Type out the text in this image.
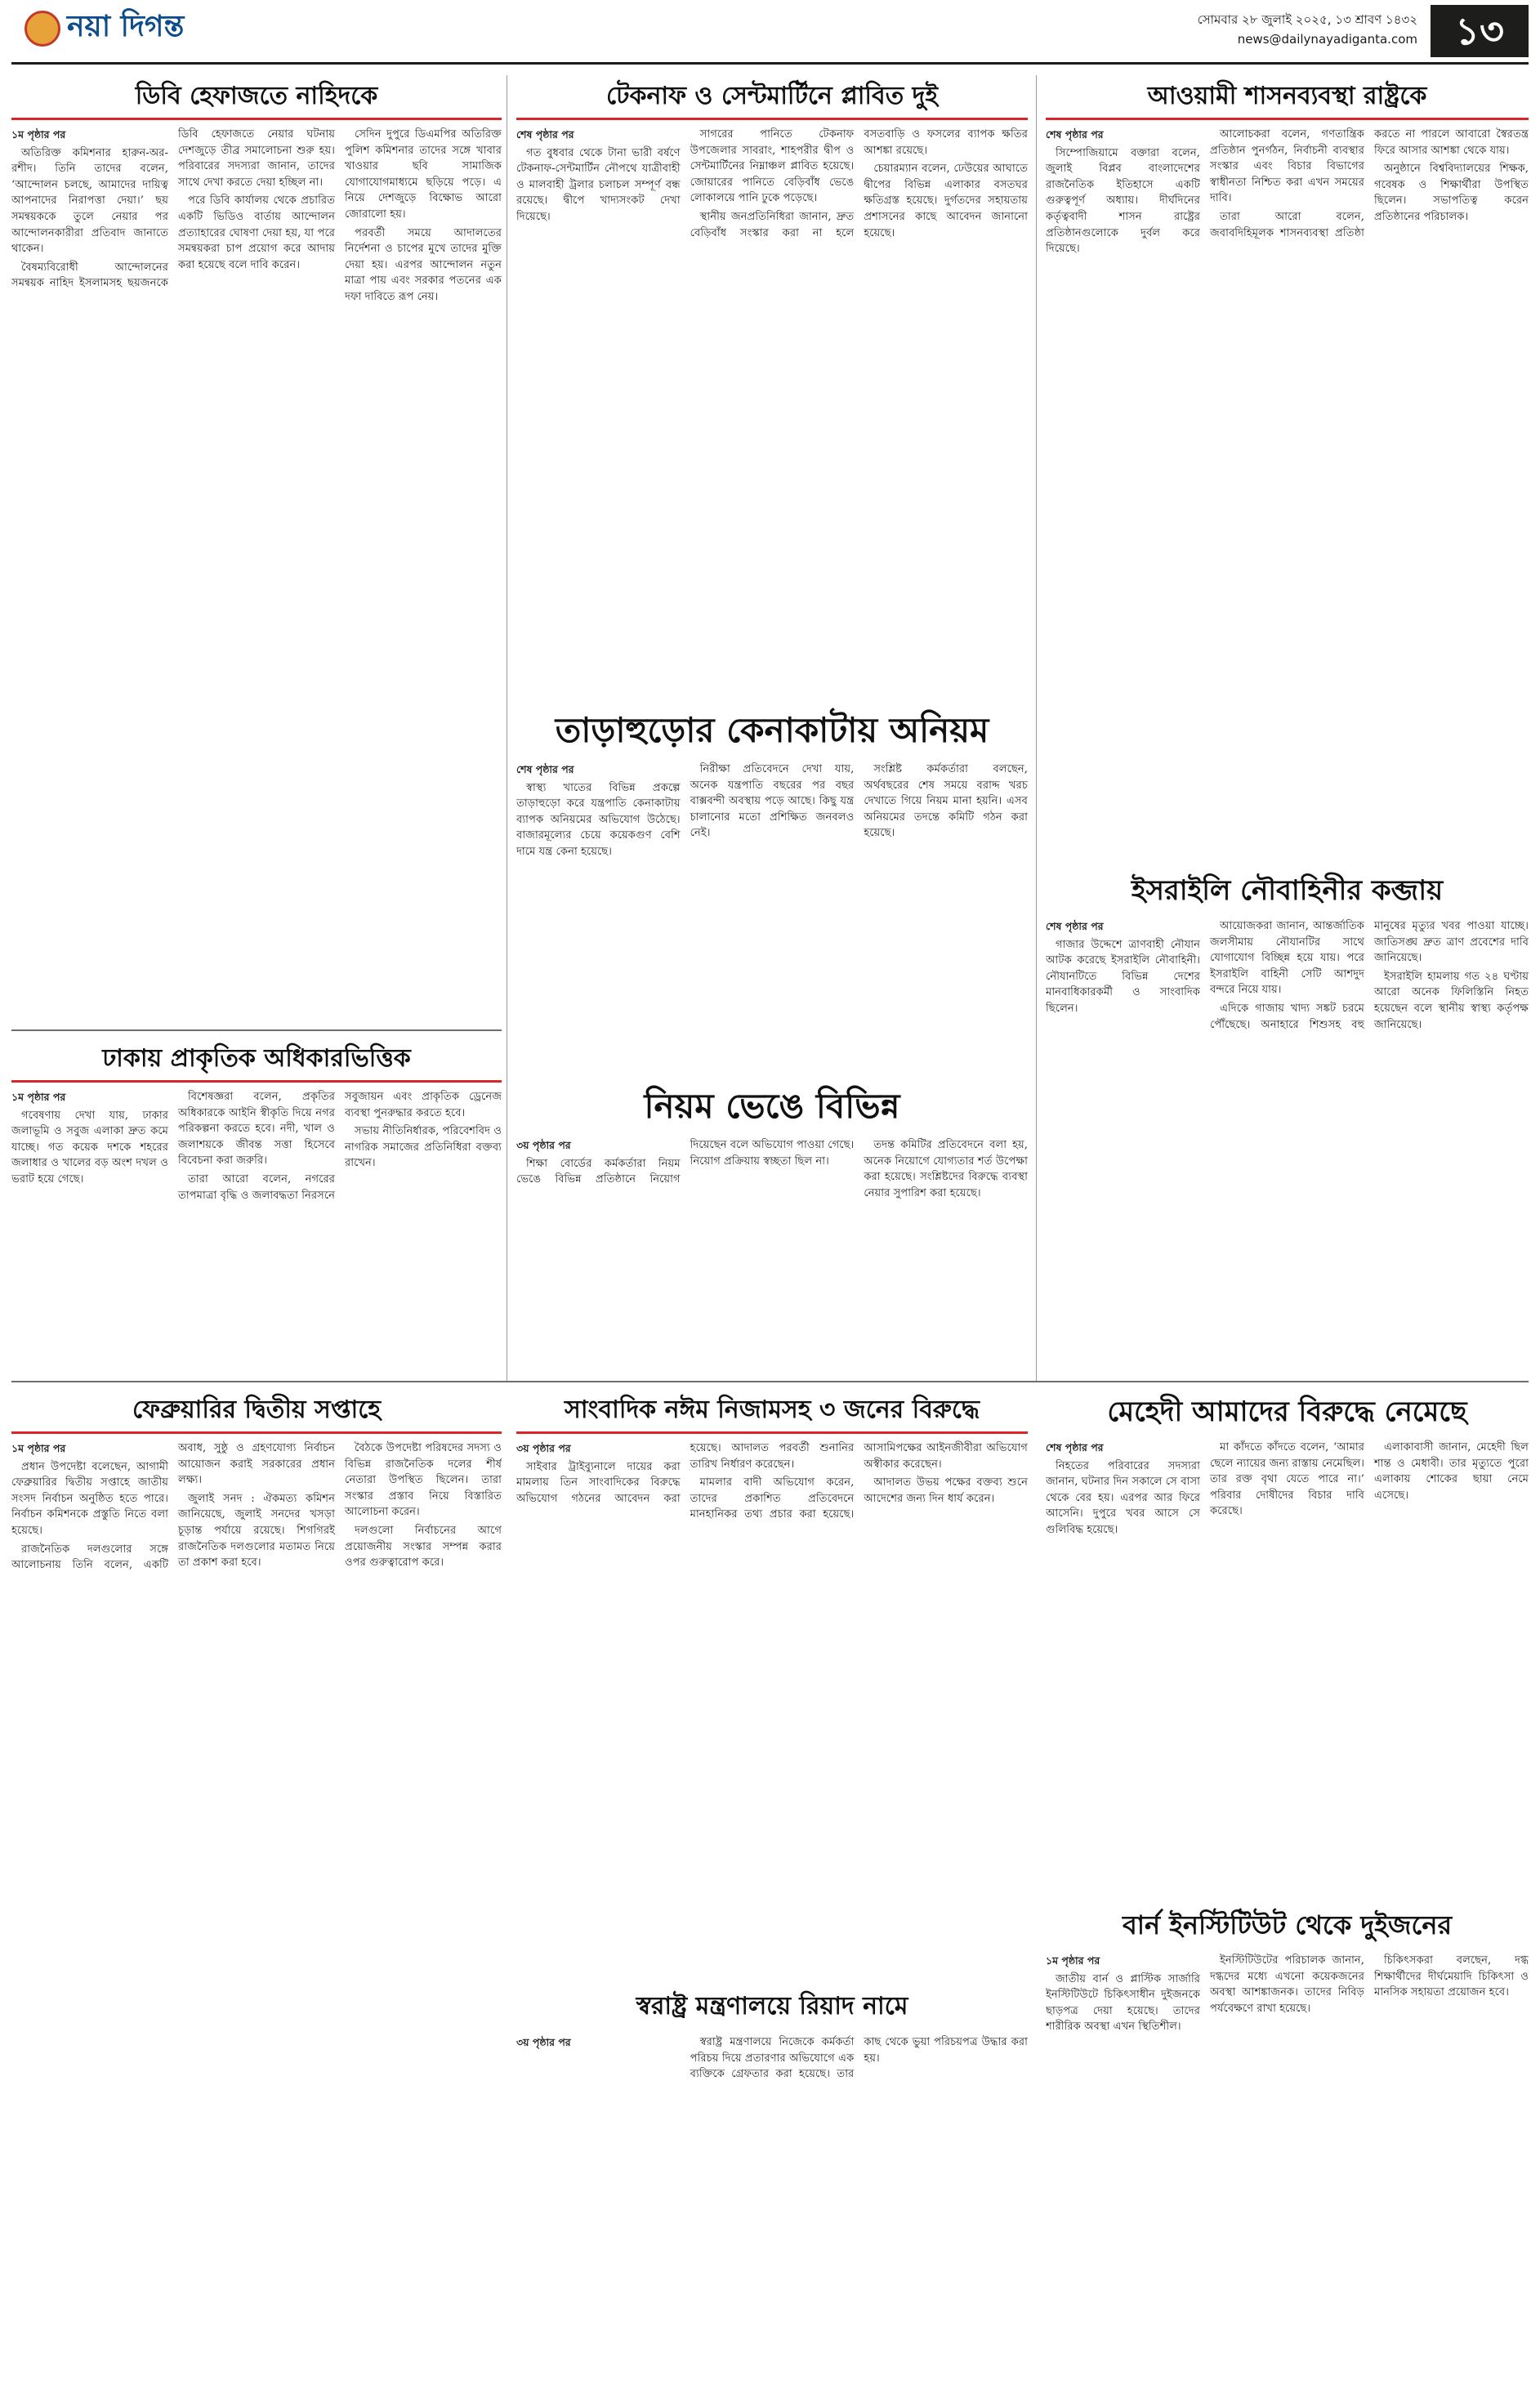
নয়া দিগন্ত	সোমবার ২৮ জুলাই ২০২৫, ১৩ শ্রাবণ ১৪৩২
news@dailynayadiganta.com	১৩
ডিবি হেফাজতে নাহিদকে

১ম পৃষ্ঠার পর

অতিরিক্ত কমিশনার হারুন-অর-রশীদ। তিনি তাদের বলেন, ‘আন্দোলন চলছে, আমাদের দায়িত্ব আপনাদের নিরাপত্তা দেয়া।’ ছয় সমন্বয়ককে তুলে নেয়ার পর আন্দোলনকারীরা প্রতিবাদ জানাতে থাকেন।

বৈষম্যবিরোধী আন্দোলনের সমন্বয়ক নাহিদ ইসলামসহ ছয়জনকে ডিবি হেফাজতে নেয়ার ঘটনায় দেশজুড়ে তীব্র সমালোচনা শুরু হয়। পরিবারের সদস্যরা জানান, তাদের সাথে দেখা করতে দেয়া হচ্ছিল না।

পরে ডিবি কার্যালয় থেকে প্রচারিত একটি ভিডিও বার্তায় আন্দোলন প্রত্যাহারের ঘোষণা দেয়া হয়, যা পরে সমন্বয়করা চাপ প্রয়োগ করে আদায় করা হয়েছে বলে দাবি করেন।

সেদিন দুপুরে ডিএমপির অতিরিক্ত পুলিশ কমিশনার তাদের সঙ্গে খাবার খাওয়ার ছবি সামাজিক যোগাযোগমাধ্যমে ছড়িয়ে পড়ে। এ নিয়ে দেশজুড়ে বিক্ষোভ আরো জোরালো হয়।

পরবর্তী সময়ে আদালতের নির্দেশনা ও চাপের মুখে তাদের মুক্তি দেয়া হয়। এরপর আন্দোলন নতুন মাত্রা পায় এবং সরকার পতনের এক দফা দাবিতে রূপ নেয়।

টেকনাফ ও সেন্টমার্টিনে প্লাবিত দুই

শেষ পৃষ্ঠার পর

গত বুধবার থেকে টানা ভারী বর্ষণে টেকনাফ-সেন্টমার্টিন নৌপথে যাত্রীবাহী ও মালবাহী ট্রলার চলাচল সম্পূর্ণ বন্ধ রয়েছে। দ্বীপে খাদ্যসংকট দেখা দিয়েছে।

সাগরের পানিতে টেকনাফ উপজেলার সাবরাং, শাহপরীর দ্বীপ ও সেন্টমার্টিনের নিম্নাঞ্চল প্লাবিত হয়েছে। জোয়ারের পানিতে বেড়িবাঁধ ভেঙে লোকালয়ে পানি ঢুকে পড়েছে।

স্থানীয় জনপ্রতিনিধিরা জানান, দ্রুত বেড়িবাঁধ সংস্কার করা না হলে বসতবাড়ি ও ফসলের ব্যাপক ক্ষতির আশঙ্কা রয়েছে।

চেয়ারম্যান বলেন, ঢেউয়ের আঘাতে দ্বীপের বিভিন্ন এলাকার বসতঘর ক্ষতিগ্রস্ত হয়েছে। দুর্গতদের সহায়তায় প্রশাসনের কাছে আবেদন জানানো হয়েছে।

আওয়ামী শাসনব্যবস্থা রাষ্ট্রকে

শেষ পৃষ্ঠার পর

সিম্পোজিয়ামে বক্তারা বলেন, জুলাই বিপ্লব বাংলাদেশের রাজনৈতিক ইতিহাসে একটি গুরুত্বপূর্ণ অধ্যায়। দীর্ঘদিনের কর্তৃত্ববাদী শাসন রাষ্ট্রের প্রতিষ্ঠানগুলোকে দুর্বল করে দিয়েছে।

আলোচকরা বলেন, গণতান্ত্রিক প্রতিষ্ঠান পুনর্গঠন, নির্বাচনী ব্যবস্থার সংস্কার এবং বিচার বিভাগের স্বাধীনতা নিশ্চিত করা এখন সময়ের দাবি।

তারা আরো বলেন, জবাবদিহিমূলক শাসনব্যবস্থা প্রতিষ্ঠা করতে না পারলে আবারো স্বৈরতন্ত্র ফিরে আসার আশঙ্কা থেকে যায়।

অনুষ্ঠানে বিশ্ববিদ্যালয়ের শিক্ষক, গবেষক ও শিক্ষার্থীরা উপস্থিত ছিলেন। সভাপতিত্ব করেন প্রতিষ্ঠানের পরিচালক।

ঢাকায় প্রাকৃতিক অধিকারভিত্তিক

১ম পৃষ্ঠার পর

গবেষণায় দেখা যায়, ঢাকার জলাভূমি ও সবুজ এলাকা দ্রুত কমে যাচ্ছে। গত কয়েক দশকে শহরের জলাধার ও খালের বড় অংশ দখল ও ভরাট হয়ে গেছে।

বিশেষজ্ঞরা বলেন, প্রকৃতির অধিকারকে আইনি স্বীকৃতি দিয়ে নগর পরিকল্পনা করতে হবে। নদী, খাল ও জলাশয়কে জীবন্ত সত্তা হিসেবে বিবেচনা করা জরুরি।

তারা আরো বলেন, নগরের তাপমাত্রা বৃদ্ধি ও জলাবদ্ধতা নিরসনে সবুজায়ন এবং প্রাকৃতিক ড্রেনেজ ব্যবস্থা পুনরুদ্ধার করতে হবে।

সভায় নীতিনির্ধারক, পরিবেশবিদ ও নাগরিক সমাজের প্রতিনিধিরা বক্তব্য রাখেন।

তাড়াহুড়োর কেনাকাটায় অনিয়ম

শেষ পৃষ্ঠার পর

স্বাস্থ্য খাতের বিভিন্ন প্রকল্পে তাড়াহুড়ো করে যন্ত্রপাতি কেনাকাটায় ব্যাপক অনিয়মের অভিযোগ উঠেছে। বাজারমূল্যের চেয়ে কয়েকগুণ বেশি দামে যন্ত্র কেনা হয়েছে।

নিরীক্ষা প্রতিবেদনে দেখা যায়, অনেক যন্ত্রপাতি বছরের পর বছর বাক্সবন্দী অবস্থায় পড়ে আছে। কিছু যন্ত্র চালানোর মতো প্রশিক্ষিত জনবলও নেই।

সংশ্লিষ্ট কর্মকর্তারা বলছেন, অর্থবছরের শেষ সময়ে বরাদ্দ খরচ দেখাতে গিয়ে নিয়ম মানা হয়নি। এসব অনিয়মের তদন্তে কমিটি গঠন করা হয়েছে।

ইসরাইলি নৌবাহিনীর কব্জায়

শেষ পৃষ্ঠার পর

গাজার উদ্দেশে ত্রাণবাহী নৌযান আটক করেছে ইসরাইলি নৌবাহিনী। নৌযানটিতে বিভিন্ন দেশের মানবাধিকারকর্মী ও সাংবাদিক ছিলেন।

আয়োজকরা জানান, আন্তর্জাতিক জলসীমায় নৌযানটির সাথে যোগাযোগ বিচ্ছিন্ন হয়ে যায়। পরে ইসরাইলি বাহিনী সেটি আশদুদ বন্দরে নিয়ে যায়।

এদিকে গাজায় খাদ্য সঙ্কট চরমে পৌঁছেছে। অনাহারে শিশুসহ বহু মানুষের মৃত্যুর খবর পাওয়া যাচ্ছে। জাতিসঙ্ঘ দ্রুত ত্রাণ প্রবেশের দাবি জানিয়েছে।

ইসরাইলি হামলায় গত ২৪ ঘণ্টায় আরো অনেক ফিলিস্তিনি নিহত হয়েছেন বলে স্থানীয় স্বাস্থ্য কর্তৃপক্ষ জানিয়েছে।

নিয়ম ভেঙে বিভিন্ন

৩য় পৃষ্ঠার পর

শিক্ষা বোর্ডের কর্মকর্তারা নিয়ম ভেঙে বিভিন্ন প্রতিষ্ঠানে নিয়োগ দিয়েছেন বলে অভিযোগ পাওয়া গেছে। নিয়োগ প্রক্রিয়ায় স্বচ্ছতা ছিল না।

তদন্ত কমিটির প্রতিবেদনে বলা হয়, অনেক নিয়োগে যোগ্যতার শর্ত উপেক্ষা করা হয়েছে। সংশ্লিষ্টদের বিরুদ্ধে ব্যবস্থা নেয়ার সুপারিশ করা হয়েছে।

ফেব্রুয়ারির দ্বিতীয় সপ্তাহে

১ম পৃষ্ঠার পর

প্রধান উপদেষ্টা বলেছেন, আগামী ফেব্রুয়ারির দ্বিতীয় সপ্তাহে জাতীয় সংসদ নির্বাচন অনুষ্ঠিত হতে পারে। নির্বাচন কমিশনকে প্রস্তুতি নিতে বলা হয়েছে।

রাজনৈতিক দলগুলোর সঙ্গে আলোচনায় তিনি বলেন, একটি অবাধ, সুষ্ঠু ও গ্রহণযোগ্য নির্বাচন আয়োজন করাই সরকারের প্রধান লক্ষ্য।

জুলাই সনদ : ঐকমত্য কমিশন জানিয়েছে, জুলাই সনদের খসড়া চূড়ান্ত পর্যায়ে রয়েছে। শিগগিরই রাজনৈতিক দলগুলোর মতামত নিয়ে তা প্রকাশ করা হবে।

বৈঠকে উপদেষ্টা পরিষদের সদস্য ও বিভিন্ন রাজনৈতিক দলের শীর্ষ নেতারা উপস্থিত ছিলেন। তারা সংস্কার প্রস্তাব নিয়ে বিস্তারিত আলোচনা করেন।

দলগুলো নির্বাচনের আগে প্রয়োজনীয় সংস্কার সম্পন্ন করার ওপর গুরুত্বারোপ করে।

সাংবাদিক নঈম নিজামসহ ৩ জনের বিরুদ্ধে

৩য় পৃষ্ঠার পর

সাইবার ট্রাইব্যুনালে দায়ের করা মামলায় তিন সাংবাদিকের বিরুদ্ধে অভিযোগ গঠনের আবেদন করা হয়েছে। আদালত পরবর্তী শুনানির তারিখ নির্ধারণ করেছেন।

মামলার বাদী অভিযোগ করেন, তাদের প্রকাশিত প্রতিবেদনে মানহানিকর তথ্য প্রচার করা হয়েছে। আসামিপক্ষের আইনজীবীরা অভিযোগ অস্বীকার করেছেন।

আদালত উভয় পক্ষের বক্তব্য শুনে আদেশের জন্য দিন ধার্য করেন।

স্বরাষ্ট্র মন্ত্রণালয়ে রিয়াদ নামে

৩য় পৃষ্ঠার পর	স্বরাষ্ট্র মন্ত্রণালয়ে নিজেকে কর্মকর্তা পরিচয় দিয়ে প্রতারণার অভিযোগে এক ব্যক্তিকে গ্রেফতার করা হয়েছে। তার কাছ থেকে ভুয়া পরিচয়পত্র উদ্ধার করা হয়।

মেহেদী আমাদের বিরুদ্ধে নেমেছে

শেষ পৃষ্ঠার পর

নিহতের পরিবারের সদস্যরা জানান, ঘটনার দিন সকালে সে বাসা থেকে বের হয়। এরপর আর ফিরে আসেনি। দুপুরে খবর আসে সে গুলিবিদ্ধ হয়েছে।

মা কাঁদতে কাঁদতে বলেন, ‘আমার ছেলে ন্যায়ের জন্য রাস্তায় নেমেছিল। তার রক্ত বৃথা যেতে পারে না।’ পরিবার দোষীদের বিচার দাবি করেছে।

এলাকাবাসী জানান, মেহেদী ছিল শান্ত ও মেধাবী। তার মৃত্যুতে পুরো এলাকায় শোকের ছায়া নেমে এসেছে।

বার্ন ইনস্টিটিউট থেকে দুইজনের

১ম পৃষ্ঠার পর

জাতীয় বার্ন ও প্লাস্টিক সার্জারি ইনস্টিটিউটে চিকিৎসাধীন দুইজনকে ছাড়পত্র দেয়া হয়েছে। তাদের শারীরিক অবস্থা এখন স্থিতিশীল।

ইনস্টিটিউটের পরিচালক জানান, দগ্ধদের মধ্যে এখনো কয়েকজনের অবস্থা আশঙ্কাজনক। তাদের নিবিড় পর্যবেক্ষণে রাখা হয়েছে।

চিকিৎসকরা বলছেন, দগ্ধ শিক্ষার্থীদের দীর্ঘমেয়াদি চিকিৎসা ও মানসিক সহায়তা প্রয়োজন হবে।
